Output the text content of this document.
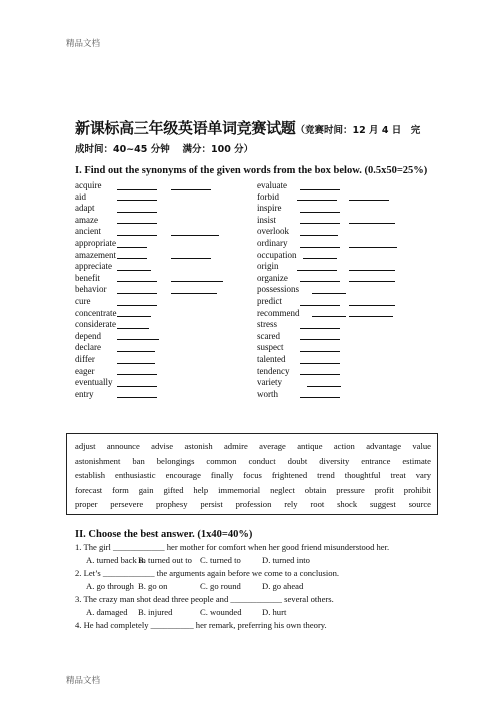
精品文档
新课标高三年级英语单词竞赛试题（竞赛时间：12 月 4 日　完
成时间：40~45 分钟　 满分：100 分）
I. Find out the synonyms of the given words from the box below. (0.5x50=25%)
acquire
aid
adapt
amaze
ancient
appropriate
amazement
appreciate
benefit
behavior
cure
concentrate
considerate
depend
declare
differ
eager
eventually
entry
evaluate
forbid
inspire
insist
overlook
ordinary
occupation
origin
organize
possessions
predict
recommend
stress
scared
suspect
talented
tendency
variety
worth
adjust announce advise astonish admire average antique action advantage value
astonishment ban belongings common conduct doubt diversity entrance estimate
establish enthusiastic encourage finally focus frightened trend thoughtful treat vary
forecast form gain gifted help immemorial neglect obtain pressure profit prohibit
proper persevere prophesy persist profession rely root shock suggest source
II. Choose the best answer. (1x40=40%)
1. The girl ____________ her mother for comfort when her good friend misunderstood her.
A. turned back to
B. turned out to C. turned to D. turned into
2. Let’s ____________ the arguments again before we come to a conclusion.
A. go through B. go on	C. go round D. go ahead
3. The crazy man shot dead three people and ____________ several others.
A. damaged B. injured	C. wounded D. hurt
4. He had completely __________ her remark, preferring his own theory.
精品文档
